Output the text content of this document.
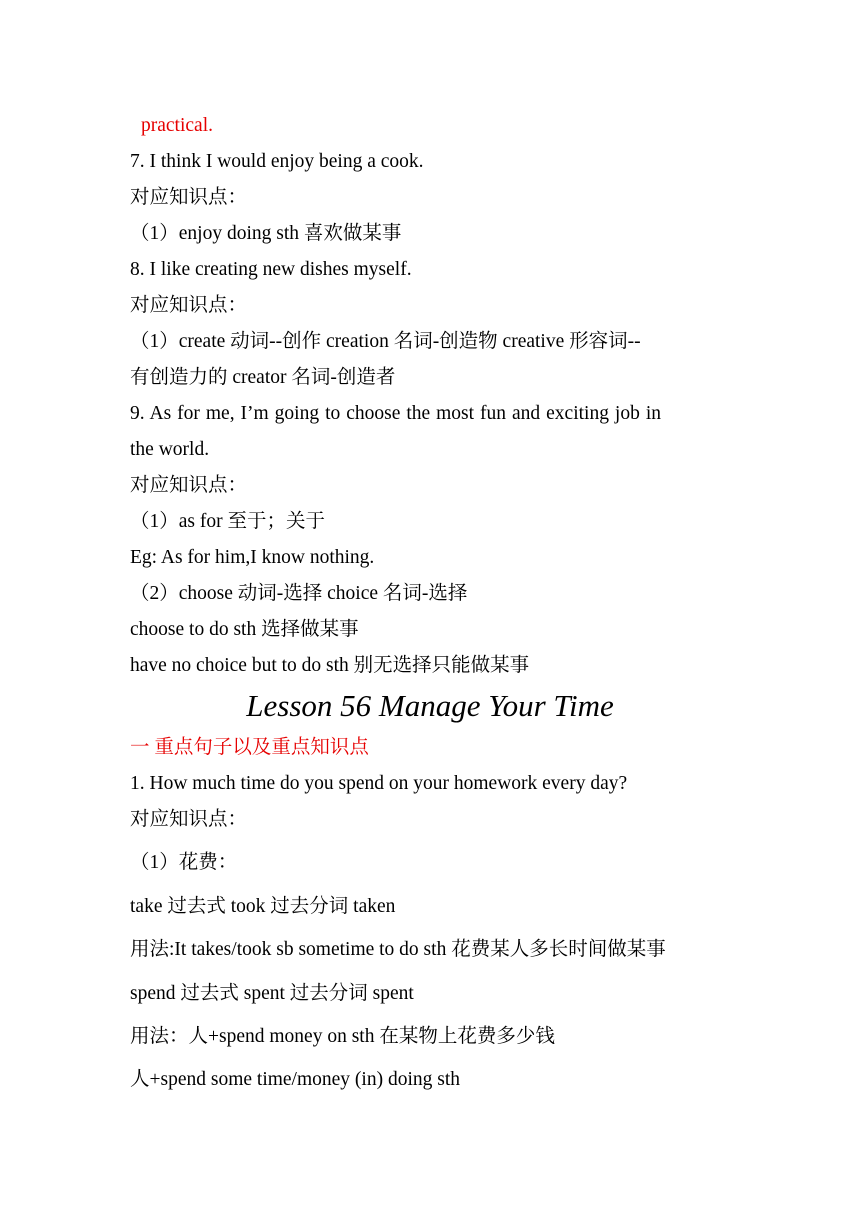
practical.
7. I think I would enjoy being a cook.
对应知识点：
（1）enjoy doing sth 喜欢做某事
8. I like creating new dishes myself.
对应知识点：
（1）create 动词--创作 creation 名词-创造物 creative 形容词--
有创造力的 creator 名词-创造者
9. As for me, I’m going to choose the most fun and exciting job in
the world.
对应知识点：
（1）as for 至于；关于
Eg: As for him,I know nothing.
（2）choose 动词-选择 choice 名词-选择
choose to do sth 选择做某事
have no choice but to do sth 别无选择只能做某事
Lesson 56 Manage Your Time
一 重点句子以及重点知识点
1. How much time do you spend on your homework every day?
对应知识点：
（1）花费：
take 过去式 took 过去分词 taken
用法:It takes/took sb sometime to do sth 花费某人多长时间做某事
spend 过去式 spent 过去分词 spent
用法：人+spend money on sth 在某物上花费多少钱
人+spend some time/money (in) doing sth
